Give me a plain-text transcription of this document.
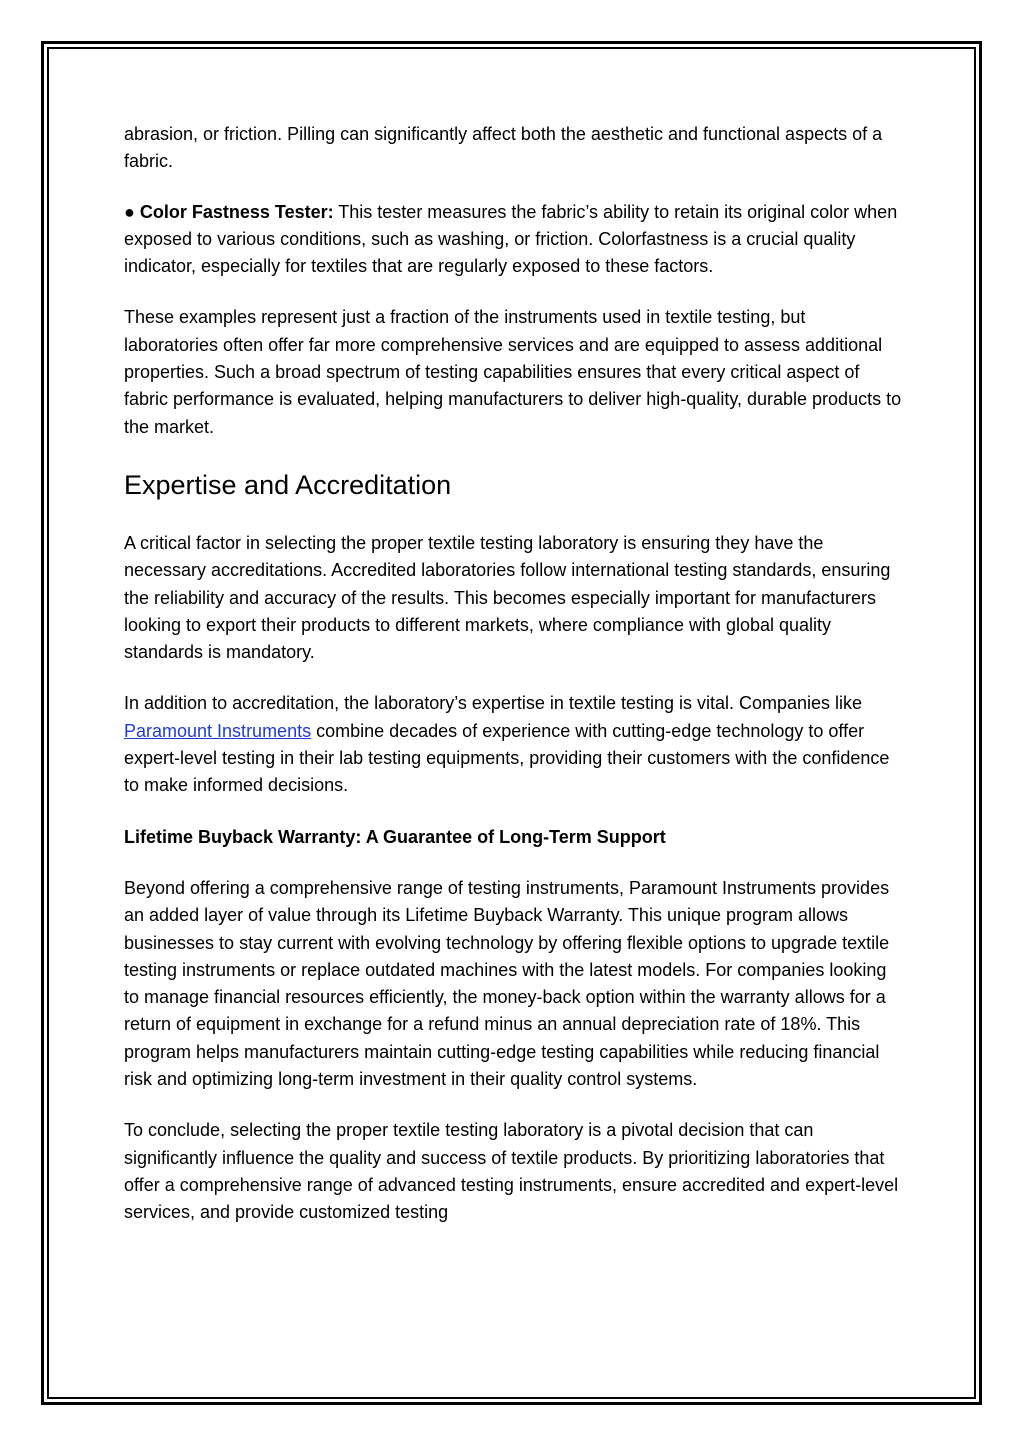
abrasion, or friction. Pilling can significantly affect both the aesthetic and functional aspects of a fabric.

● Color Fastness Tester: This tester measures the fabric’s ability to retain its original color when exposed to various conditions, such as washing, or friction. Colorfastness is a crucial quality indicator, especially for textiles that are regularly exposed to these factors.

These examples represent just a fraction of the instruments used in textile testing, but laboratories often offer far more comprehensive services and are equipped to assess additional properties. Such a broad spectrum of testing capabilities ensures that every critical aspect of fabric performance is evaluated, helping manufacturers to deliver high-quality, durable products to the market.

Expertise and Accreditation

A critical factor in selecting the proper textile testing laboratory is ensuring they have the necessary accreditations. Accredited laboratories follow international testing standards, ensuring the reliability and accuracy of the results. This becomes especially important for manufacturers looking to export their products to different markets, where compliance with global quality standards is mandatory.

In addition to accreditation, the laboratory’s expertise in textile testing is vital. Companies like Paramount Instruments combine decades of experience with cutting-edge technology to offer expert-level testing in their lab testing equipments, providing their customers with the confidence to make informed decisions.

Lifetime Buyback Warranty: A Guarantee of Long-Term Support

Beyond offering a comprehensive range of testing instruments, Paramount Instruments provides an added layer of value through its Lifetime Buyback Warranty. This unique program allows businesses to stay current with evolving technology by offering flexible options to upgrade textile testing instruments or replace outdated machines with the latest models. For companies looking to manage financial resources efficiently, the money-back option within the warranty allows for a return of equipment in exchange for a refund minus an annual depreciation rate of 18%. This program helps manufacturers maintain cutting-edge testing capabilities while reducing financial risk and optimizing long-term investment in their quality control systems.

To conclude, selecting the proper textile testing laboratory is a pivotal decision that can significantly influence the quality and success of textile products. By prioritizing laboratories that offer a comprehensive range of advanced testing instruments, ensure accredited and expert-level services, and provide customized testing
